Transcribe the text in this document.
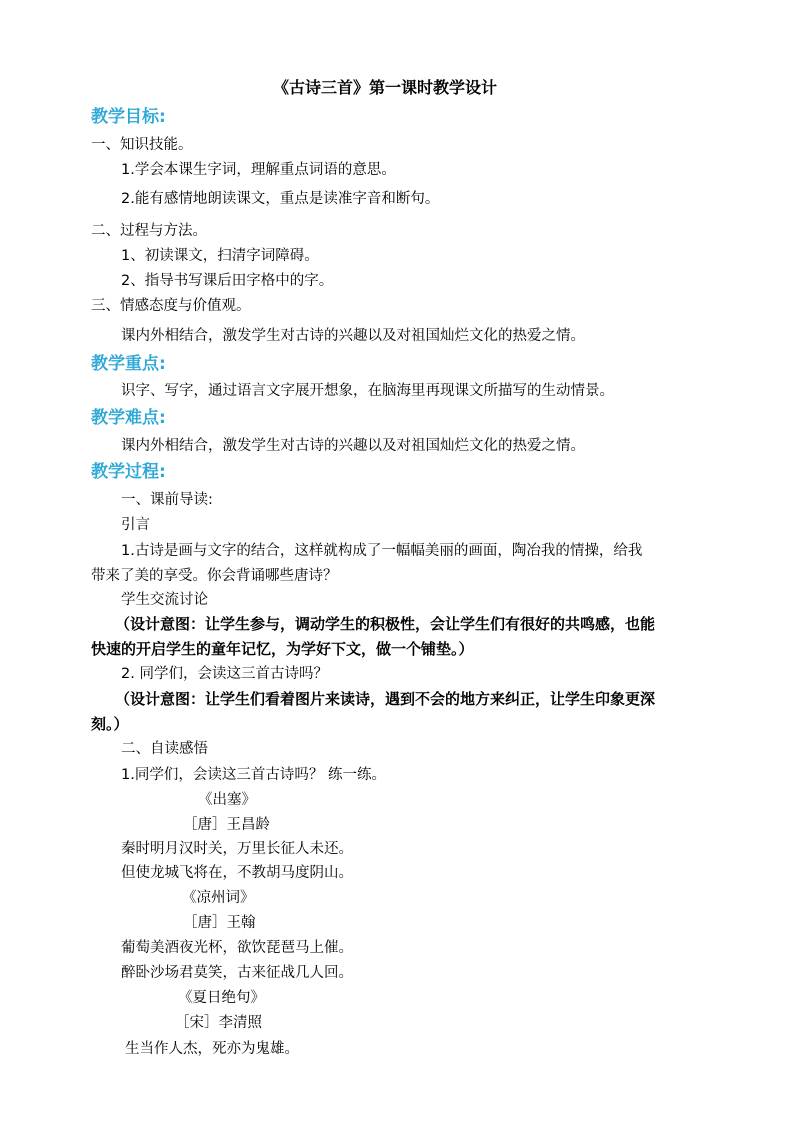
《古诗三首》第一课时教学设计
教学目标:
一、知识技能。
1.学会本课生字词，理解重点词语的意思。
2.能有感情地朗读课文，重点是读准字音和断句。
二、过程与方法。
1、初读课文，扫清字词障碍。
2、指导书写课后田字格中的字。
三、情感态度与价值观。
课内外相结合，激发学生对古诗的兴趣以及对祖国灿烂文化的热爱之情。
教学重点:
识字、写字，通过语言文字展开想象，在脑海里再现课文所描写的生动情景。
教学难点:
课内外相结合，激发学生对古诗的兴趣以及对祖国灿烂文化的热爱之情。
教学过程:
一、课前导读:
引言
1.古诗是画与文字的结合，这样就构成了一幅幅美丽的画面，陶冶我的情操，给我
带来了美的享受。你会背诵哪些唐诗？
学生交流讨论
（设计意图：让学生参与，调动学生的积极性，会让学生们有很好的共鸣感，也能
快速的开启学生的童年记忆，为学好下文，做一个铺垫。）
2. 同学们，会读这三首古诗吗？
（设计意图：让学生们看着图片来读诗，遇到不会的地方来纠正，让学生印象更深
刻。）
二、自读感悟
1.同学们，会读这三首古诗吗？ 练一练。
《出塞》
［唐］王昌龄
秦时明月汉时关，万里长征人未还。
但使龙城飞将在，不教胡马度阴山。
《凉州词》
［唐］王翰
葡萄美酒夜光杯，欲饮琵琶马上催。
醉卧沙场君莫笑，古来征战几人回。
《夏日绝句》
［宋］李清照
生当作人杰，死亦为鬼雄。
